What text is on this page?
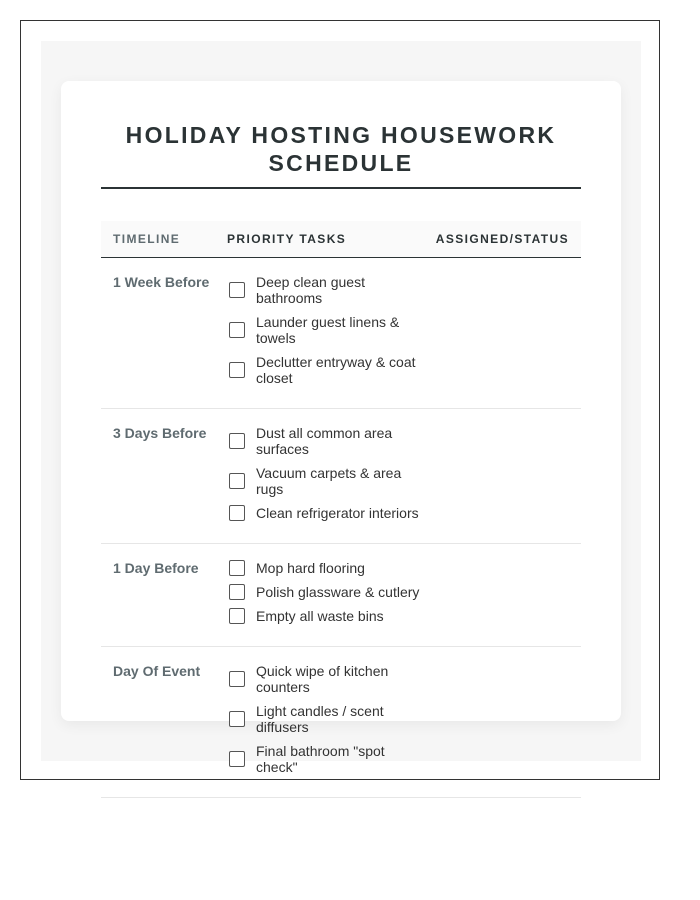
HOLIDAY HOSTING HOUSEWORK SCHEDULE
TIMELINE	PRIORITY TASKS	ASSIGNED/STATUS
1 Week Before	Deep clean guest bathrooms
Launder guest linens & towels
Declutter entryway & coat closet
3 Days Before	Dust all common area surfaces
Vacuum carpets & area rugs
Clean refrigerator interiors
1 Day Before	Mop hard flooring
Polish glassware & cutlery
Empty all waste bins
Day Of Event	Quick wipe of kitchen counters
Light candles / scent diffusers
Final bathroom "spot check"
